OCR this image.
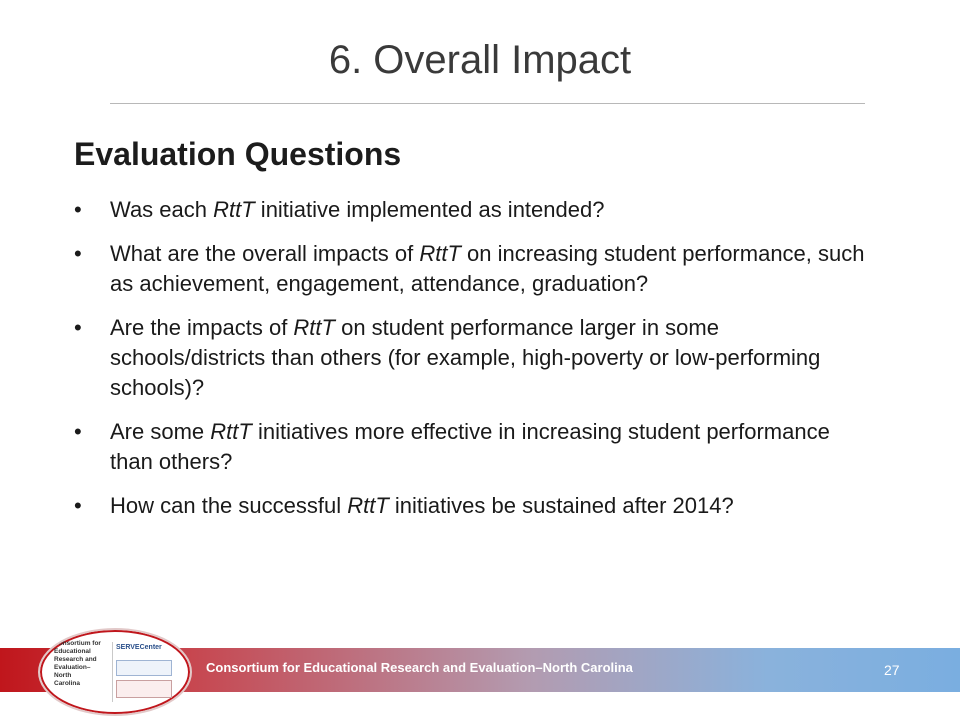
6. Overall Impact
Evaluation Questions
•	Was each RttT initiative implemented as intended?
•	What are the overall impacts of RttT on increasing student performance, such as achievement, engagement, attendance, graduation?
•	Are the impacts of RttT on student performance larger in some schools/districts than others (for example, high-poverty or low-performing schools)?
•	Are some RttT initiatives more effective in increasing student performance than others?
•	How can the successful RttT initiatives be sustained after 2014?
Consortium for
Educational
Research and
Evaluation–
North
Carolina
SERVECenter
Consortium for Educational Research and Evaluation–North Carolina	27
